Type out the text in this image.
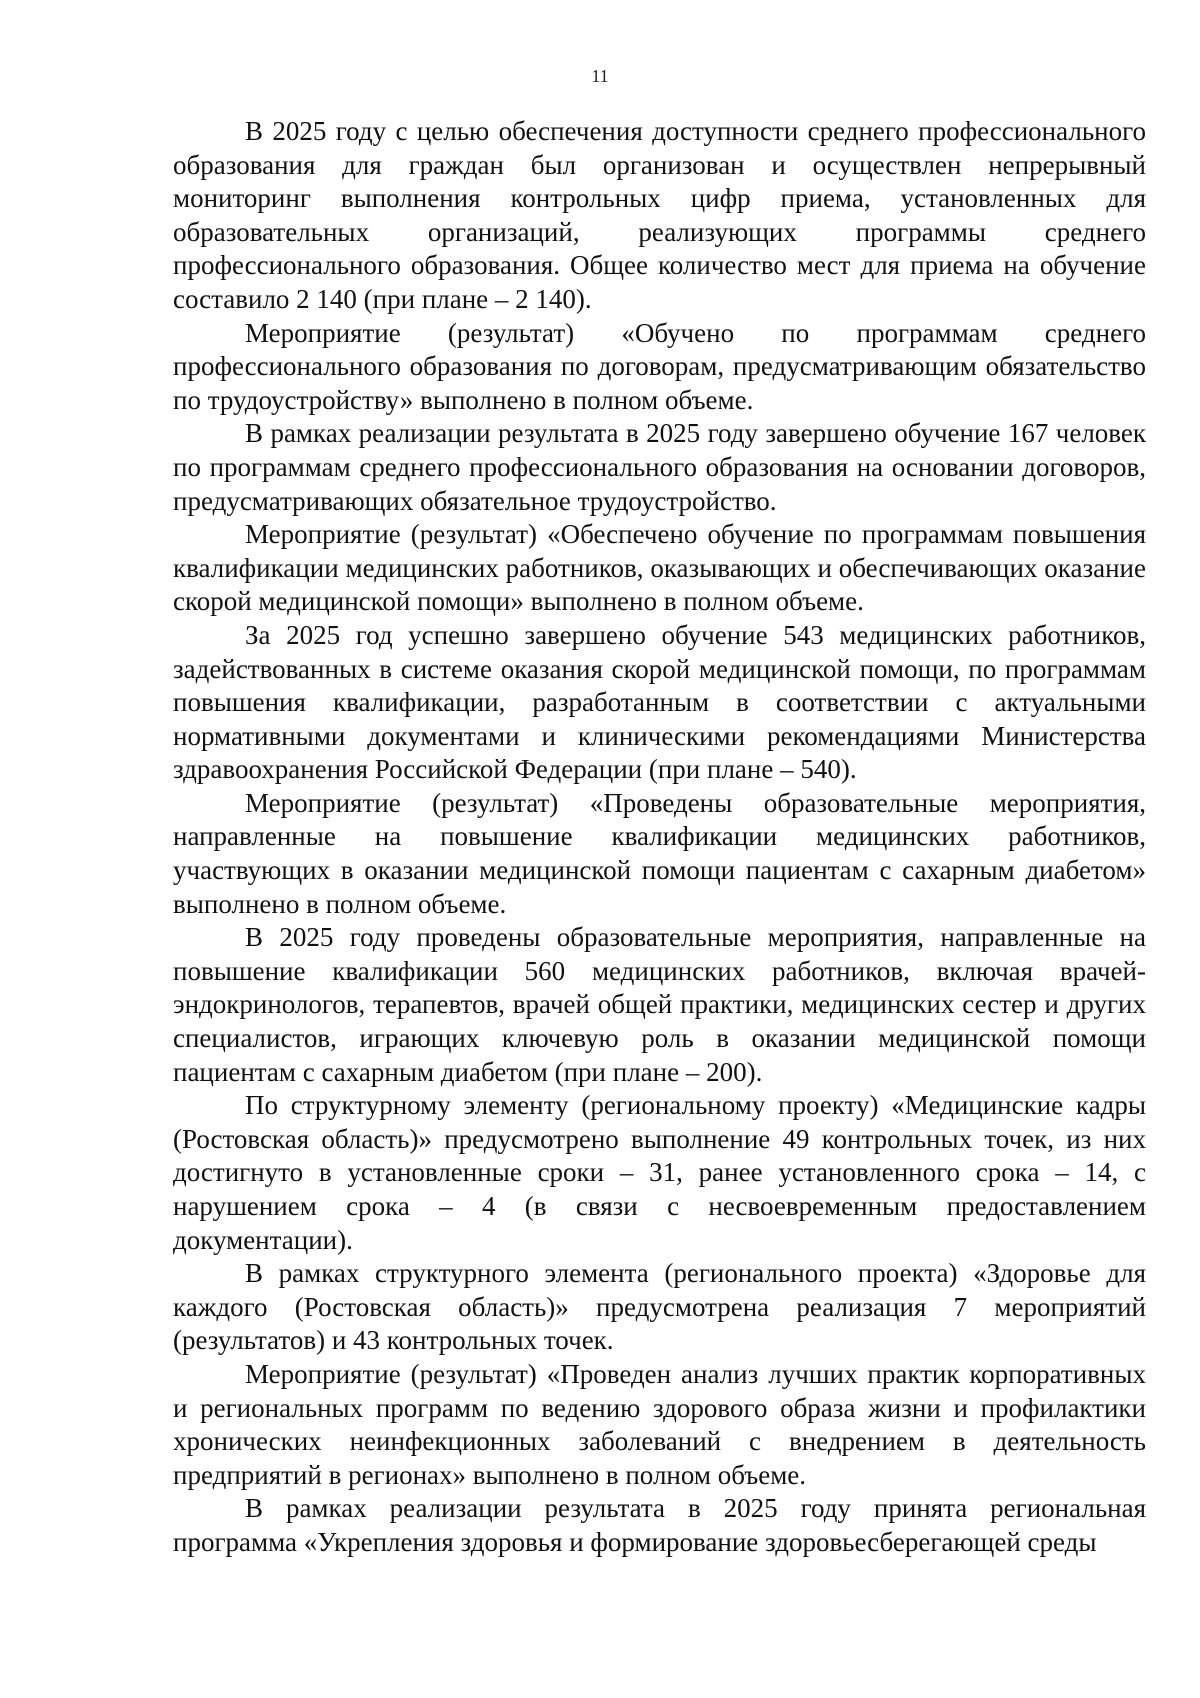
11

В 2025 году с целью обеспечения доступности среднего профессионального образования для граждан был организован и осуществлен непрерывный мониторинг выполнения контрольных цифр приема, установленных для образовательных организаций, реализующих программы среднего профессионального образования. Общее количество мест для приема на обучение составило 2 140 (при плане – 2 140).

Мероприятие (результат) «Обучено по программам среднего профессионального образования по договорам, предусматривающим обязательство по трудоустройству» выполнено в полном объеме.

В рамках реализации результата в 2025 году завершено обучение 167 человек по программам среднего профессионального образования на основании договоров, предусматривающих обязательное трудоустройство.

Мероприятие (результат) «Обеспечено обучение по программам повышения квалификации медицинских работников, оказывающих и обеспечивающих оказание скорой медицинской помощи» выполнено в полном объеме.

За 2025 год успешно завершено обучение 543 медицинских работников, задействованных в системе оказания скорой медицинской помощи, по программам повышения квалификации, разработанным в соответствии с актуальными нормативными документами и клиническими рекомендациями Министерства здравоохранения Российской Федерации (при плане – 540).

Мероприятие (результат) «Проведены образовательные мероприятия, направленные на повышение квалификации медицинских работников, участвующих в оказании медицинской помощи пациентам с сахарным диабетом» выполнено в полном объеме.

В 2025 году проведены образовательные мероприятия, направленные на повышение квалификации 560 медицинских работников, включая врачей-эндокринологов, терапевтов, врачей общей практики, медицинских сестер и других специалистов, играющих ключевую роль в оказании медицинской помощи пациентам с сахарным диабетом (при плане – 200).

По структурному элементу (региональному проекту) «Медицинские кадры (Ростовская область)» предусмотрено выполнение 49 контрольных точек, из них достигнуто в установленные сроки – 31, ранее установленного срока – 14, с нарушением срока – 4 (в связи с несвоевременным предоставлением документации).

В рамках структурного элемента (регионального проекта) «Здоровье для каждого (Ростовская область)» предусмотрена реализация 7 мероприятий (результатов) и 43 контрольных точек.

Мероприятие (результат) «Проведен анализ лучших практик корпоративных и региональных программ по ведению здорового образа жизни и профилактики хронических неинфекционных заболеваний с внедрением в деятельность предприятий в регионах» выполнено в полном объеме.

В рамках реализации результата в 2025 году принята региональная программа «Укрепления здоровья и формирование здоровьесберегающей среды
